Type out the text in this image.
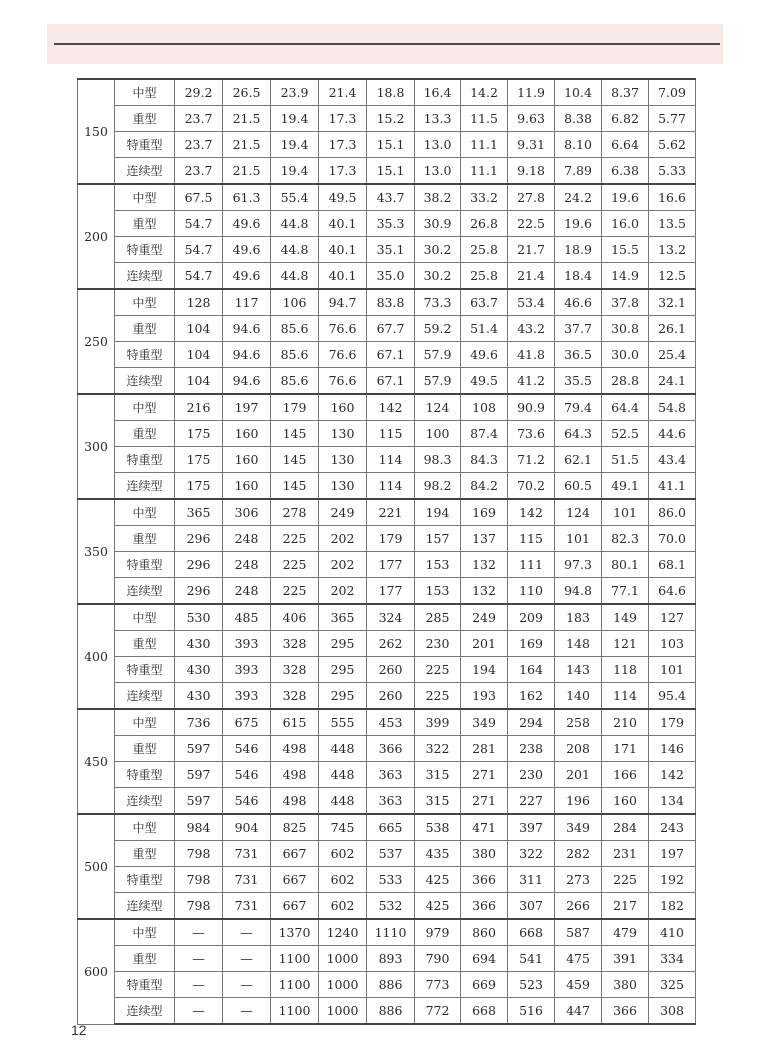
150	中型	29.2	26.5	23.9	21.4	18.8	16.4	14.2	11.9	10.4	8.37	7.09
	重型	23.7	21.5	19.4	17.3	15.2	13.3	11.5	9.63	8.38	6.82	5.77
	特重型	23.7	21.5	19.4	17.3	15.1	13.0	11.1	9.31	8.10	6.64	5.62
	连续型	23.7	21.5	19.4	17.3	15.1	13.0	11.1	9.18	7.89	6.38	5.33
200	中型	67.5	61.3	55.4	49.5	43.7	38.2	33.2	27.8	24.2	19.6	16.6
	重型	54.7	49.6	44.8	40.1	35.3	30.9	26.8	22.5	19.6	16.0	13.5
	特重型	54.7	49.6	44.8	40.1	35.1	30.2	25.8	21.7	18.9	15.5	13.2
	连续型	54.7	49.6	44.8	40.1	35.0	30.2	25.8	21.4	18.4	14.9	12.5
250	中型	128	117	106	94.7	83.8	73.3	63.7	53.4	46.6	37.8	32.1
	重型	104	94.6	85.6	76.6	67.7	59.2	51.4	43.2	37.7	30.8	26.1
	特重型	104	94.6	85.6	76.6	67.1	57.9	49.6	41.8	36.5	30.0	25.4
	连续型	104	94.6	85.6	76.6	67.1	57.9	49.5	41.2	35.5	28.8	24.1
300	中型	216	197	179	160	142	124	108	90.9	79.4	64.4	54.8
	重型	175	160	145	130	115	100	87.4	73.6	64.3	52.5	44.6
	特重型	175	160	145	130	114	98.3	84.3	71.2	62.1	51.5	43.4
	连续型	175	160	145	130	114	98.2	84.2	70.2	60.5	49.1	41.1
350	中型	365	306	278	249	221	194	169	142	124	101	86.0
	重型	296	248	225	202	179	157	137	115	101	82.3	70.0
	特重型	296	248	225	202	177	153	132	111	97.3	80.1	68.1
	连续型	296	248	225	202	177	153	132	110	94.8	77.1	64.6
400	中型	530	485	406	365	324	285	249	209	183	149	127
	重型	430	393	328	295	262	230	201	169	148	121	103
	特重型	430	393	328	295	260	225	194	164	143	118	101
	连续型	430	393	328	295	260	225	193	162	140	114	95.4
450	中型	736	675	615	555	453	399	349	294	258	210	179
	重型	597	546	498	448	366	322	281	238	208	171	146
	特重型	597	546	498	448	363	315	271	230	201	166	142
	连续型	597	546	498	448	363	315	271	227	196	160	134
500	中型	984	904	825	745	665	538	471	397	349	284	243
	重型	798	731	667	602	537	435	380	322	282	231	197
	特重型	798	731	667	602	533	425	366	311	273	225	192
	连续型	798	731	667	602	532	425	366	307	266	217	182
600	中型	—	—	1370	1240	1110	979	860	668	587	479	410
	重型	—	—	1100	1000	893	790	694	541	475	391	334
	特重型	—	—	1100	1000	886	773	669	523	459	380	325
	连续型	—	—	1100	1000	886	772	668	516	447	366	308
12
